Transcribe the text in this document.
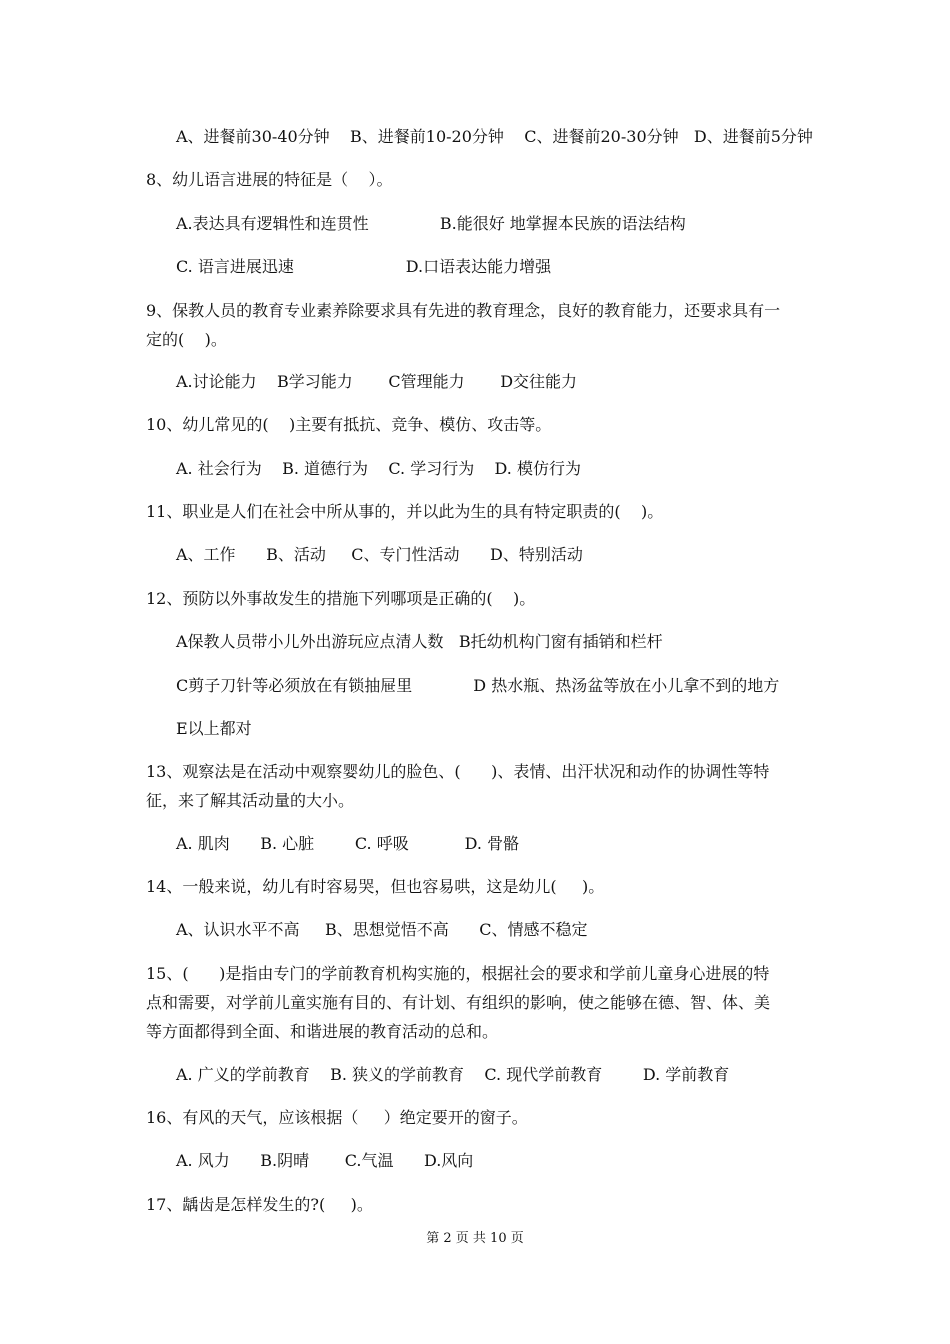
A、进餐前30-40分钟    B、进餐前10-20分钟    C、进餐前20-30分钟   D、进餐前5分钟
8、幼儿语言进展的特征是（    ）。
A.表达具有逻辑性和连贯性              B.能很好 地掌握本民族的语法结构
C. 语言进展迅速                      D.口语表达能力增强
9、保教人员的教育专业素养除要求具有先进的教育理念，良好的教育能力，还要求具有一
定的(    )。
A.讨论能力    B学习能力       C管理能力       D交往能力
10、幼儿常见的(    )主要有抵抗、竞争、模仿、攻击等。
A. 社会行为    B. 道德行为    C. 学习行为    D. 模仿行为
11、职业是人们在社会中所从事的，并以此为生的具有特定职责的(    )。
A、工作      B、活动     C、专门性活动      D、特别活动
12、预防以外事故发生的措施下列哪项是正确的(    )。
A保教人员带小儿外出游玩应点清人数   B托幼机构门窗有插销和栏杆
C剪子刀针等必须放在有锁抽屉里            D 热水瓶、热汤盆等放在小儿拿不到的地方
E以上都对
13、观察法是在活动中观察婴幼儿的脸色、(      )、表情、出汗状况和动作的协调性等特
征，来了解其活动量的大小。
A. 肌肉      B. 心脏        C. 呼吸           D. 骨骼
14、一般来说，幼儿有时容易哭，但也容易哄，这是幼儿(     )。
A、认识水平不高     B、思想觉悟不高      C、情感不稳定
15、(      )是指由专门的学前教育机构实施的，根据社会的要求和学前儿童身心进展的特
点和需要，对学前儿童实施有目的、有计划、有组织的影响，使之能够在德、智、体、美
等方面都得到全面、和谐进展的教育活动的总和。
A. 广义的学前教育    B. 狭义的学前教育    C. 现代学前教育        D. 学前教育
16、有风的天气，应该根据（     ）绝定要开的窗子。
A. 风力      B.阴晴       C.气温      D.风向
17、龋齿是怎样发生的?(     )。
第 2 页 共 10 页
